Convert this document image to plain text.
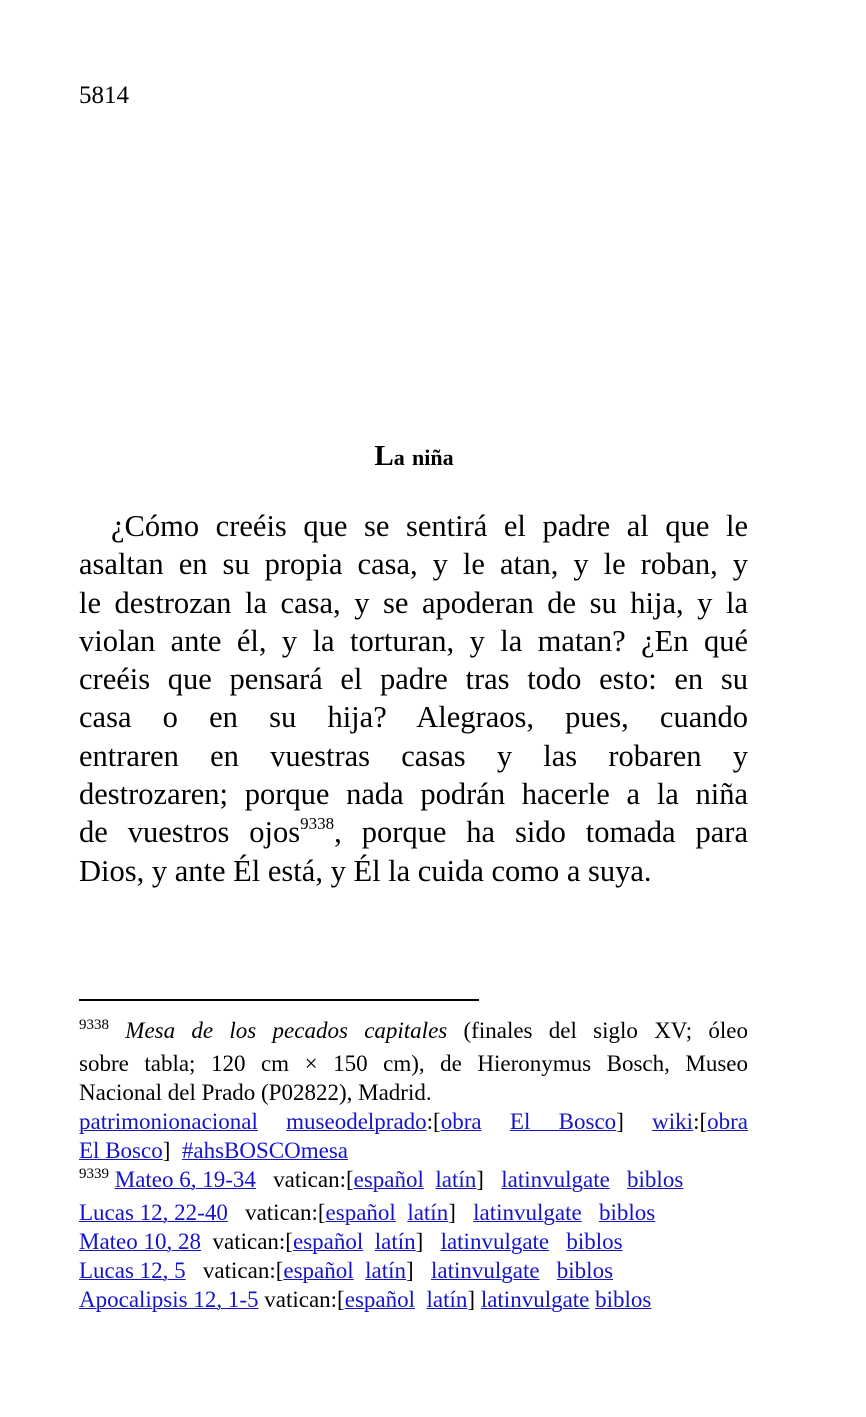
5814
La niña
¿Cómo creéis que se sentirá el padre al que le
asaltan en su propia casa, y le atan, y le roban, y
le destrozan la casa, y se apoderan de su hija, y la
violan ante él, y la torturan, y la matan? ¿En qué
creéis que pensará el padre tras todo esto: en su
casa o en su hija? Alegraos, pues, cuando
entraren en vuestras casas y las robaren y
destrozaren; porque nada podrán hacerle a la niña
de vuestros ojos$^{9338}$, porque ha sido tomada para
Dios, y ante Él está, y Él la cuida como a suya.
$^{9338}$ Mesa de los pecados capitales (finales del siglo XV; óleo
sobre tabla; 120 cm × 150 cm), de Hieronymus Bosch, Museo
Nacional del Prado (P02822), Madrid.
patrimonionacional museodelprado:[obra El Bosco] wiki:[obra
El Bosco] #ahsBOSCOmesa
$^{9339}$ Mateo 6, 19-34 vatican:[español latín] latinvulgate biblos
Lucas 12, 22-40 vatican:[español latín] latinvulgate biblos
Mateo 10, 28 vatican:[español latín] latinvulgate biblos
Lucas 12, 5 vatican:[español latín] latinvulgate biblos
Apocalipsis 12, 1-5 vatican:[español latín] latinvulgate biblos
